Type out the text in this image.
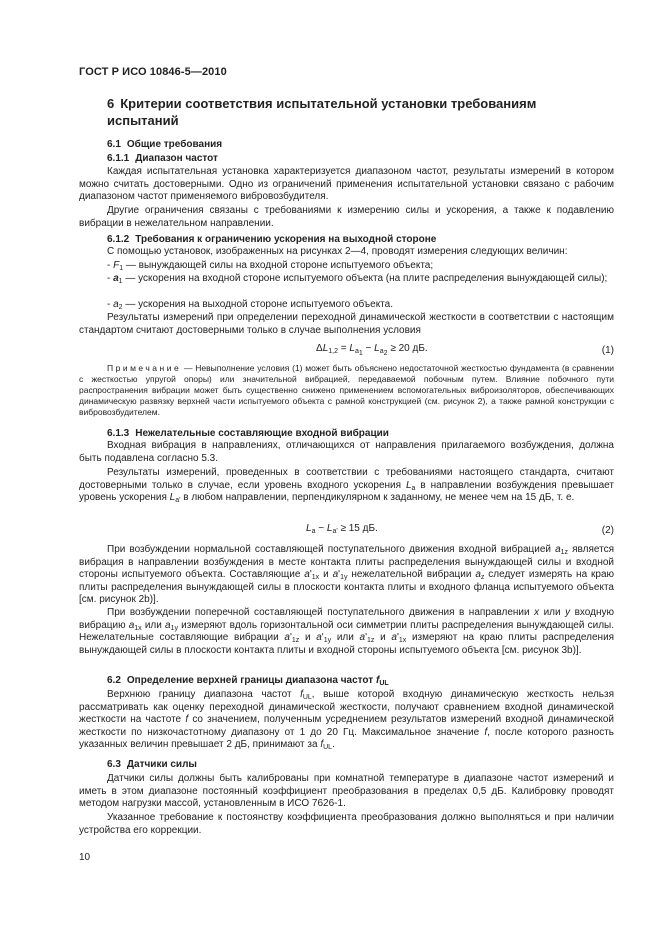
ГОСТ Р ИСО 10846-5—2010
6 Критерии соответствия испытательной установки требованиям испытаний
6.1 Общие требования
6.1.1 Диапазон частот
Каждая испытательная установка характеризуется диапазоном частот, результаты измерений в котором можно считать достоверными. Одно из ограничений применения испытательной установки связано с рабочим диапазоном частот применяемого вибровозбудителя.
Другие ограничения связаны с требованиями к измерению силы и ускорения, а также к подавлению вибрации в нежелательном направлении.
6.1.2 Требования к ограничению ускорения на выходной стороне
С помощью установок, изображенных на рисунках 2—4, проводят измерения следующих величин:
- $F_1$ — вынуждающей силы на входной стороне испытуемого объекта;
- $a_1$ — ускорения на входной стороне испытуемого объекта (на плите распределения вынуждающей силы);
- $a_2$ — ускорения на выходной стороне испытуемого объекта.
Результаты измерений при определении переходной динамической жесткости в соответствии с настоящим стандартом считают достоверными только в случае выполнения условия
$\Delta L_{1,2} = L_{a_1} - L_{a_2} \ge 20$ дБ.	(1)
Примечание — Невыполнение условия (1) может быть объяснено недостаточной жесткостью фундамента (в сравнении с жесткостью упругой опоры) или значительной вибрацией, передаваемой побочным путем. Влияние побочного пути распространения вибрации может быть существенно снижено применением вспомогательных виброизоляторов, обеспечивающих динамическую развязку верхней части испытуемого объекта с рамной конструкцией (см. рисунок 2), а также рамной конструкции с вибровозбудителем.
6.1.3 Нежелательные составляющие входной вибрации
Входная вибрация в направлениях, отличающихся от направления прилагаемого возбуждения, должна быть подавлена согласно 5.3.
Результаты измерений, проведенных в соответствии с требованиями настоящего стандарта, считают достоверными только в случае, если уровень входного ускорения $L_a$ в направлении возбуждения превышает уровень ускорения $L_{a'}$ в любом направлении, перпендикулярном к заданному, не менее чем на 15 дБ, т. е.
$L_a - L_{a'} \ge 15$ дБ.	(2)
При возбуждении нормальной составляющей поступательного движения входной вибрацией $a_{1z}$ является вибрация в направлении возбуждения в месте контакта плиты распределения вынуждающей силы и входной стороны испытуемого объекта. Составляющие $a'_{1x}$ и $a'_{1y}$ нежелательной вибрации $a_z$ следует измерять на краю плиты распределения вынуждающей силы в плоскости контакта плиты и входного фланца испытуемого объекта [см. рисунок 2b)].
При возбуждении поперечной составляющей поступательного движения в направлении x или y входную вибрацию $a_{1x}$ или $a_{1y}$ измеряют вдоль горизонтальной оси симметрии плиты распределения вынуждающей силы. Нежелательные составляющие вибрации $a'_{1z}$ и $a'_{1y}$ или $a'_{1z}$ и $a'_{1x}$ измеряют на краю плиты распределения вынуждающей силы в плоскости контакта плиты и входной стороны испытуемого объекта [см. рисунок 3b)].
6.2 Определение верхней границы диапазона частот $f_{UL}$
Верхнюю границу диапазона частот $f_{UL}$, выше которой входную динамическую жесткость нельзя рассматривать как оценку переходной динамической жесткости, получают сравнением входной динамической жесткости на частоте f со значением, полученным усреднением результатов измерений входной динамической жесткости по низкочастотному диапазону от 1 до 20 Гц. Максимальное значение f, после которого разность указанных величин превышает 2 дБ, принимают за $f_{UL}$.
6.3 Датчики силы
Датчики силы должны быть калиброваны при комнатной температуре в диапазоне частот измерений и иметь в этом диапазоне постоянный коэффициент преобразования в пределах 0,5 дБ. Калибровку проводят методом нагрузки массой, установленным в ИСО 7626-1.
Указанное требование к постоянству коэффициента преобразования должно выполняться и при наличии устройства его коррекции.
10
